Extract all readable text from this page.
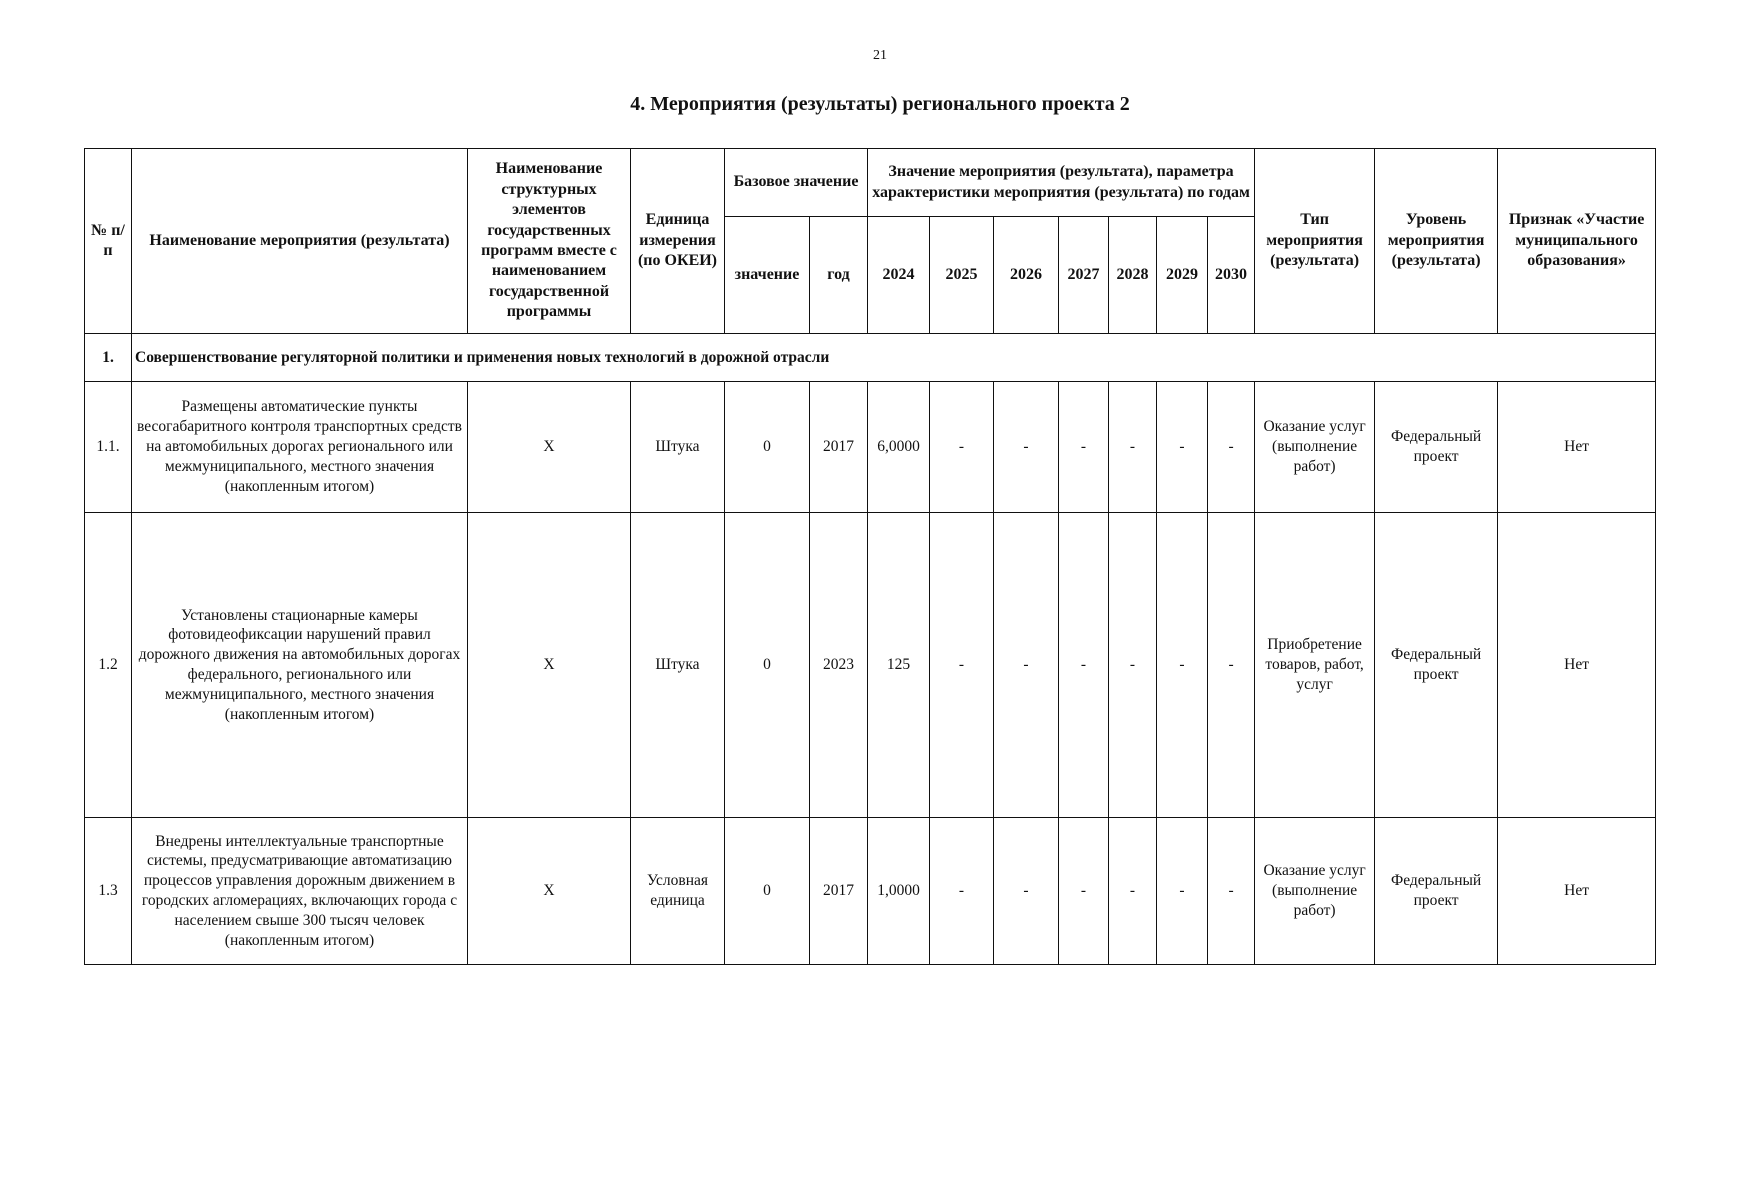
21
4. Мероприятия (результаты) регионального проекта 2
№ п/п	Наименование мероприятия (результата)	Наименование структурных элементов государственных программ вместе с наименованием государственной программы	Единица измерения (по ОКЕИ)	Базовое значение		Значение мероприятия (результата), параметра характеристики мероприятия (результата) по годам							Тип мероприятия (результата)	Уровень мероприятия (результата)	Признак «Участие муниципального образования»
				значение	год	2024	2025	2026	2027	2028	2029	2030			
1.	Совершенствование регуляторной политики и применения новых технологий в дорожной отрасли														
1.1.	Размещены автоматические пункты весогабаритного контроля транспортных средств на автомобильных дорогах регионального или межмуниципального, местного значения (накопленным итогом)	Х	Штука	0	2017	6,0000	-	-	-	-	-	-	Оказание услуг (выполнение работ)	Федеральный проект	Нет
1.2	Установлены стационарные камеры фотовидеофиксации нарушений правил дорожного движения на автомобильных дорогах федерального, регионального или межмуниципального, местного значения (накопленным итогом)	Х	Штука	0	2023	125	-	-	-	-	-	-	Приобретение товаров, работ, услуг	Федеральный проект	Нет
1.3	Внедрены интеллектуальные транспортные системы, предусматривающие автоматизацию процессов управления дорожным движением в городских агломерациях, включающих города с населением свыше 300 тысяч человек (накопленным итогом)	Х	Условная единица	0	2017	1,0000	-	-	-	-	-	-	Оказание услуг (выполнение работ)	Федеральный проект	Нет
